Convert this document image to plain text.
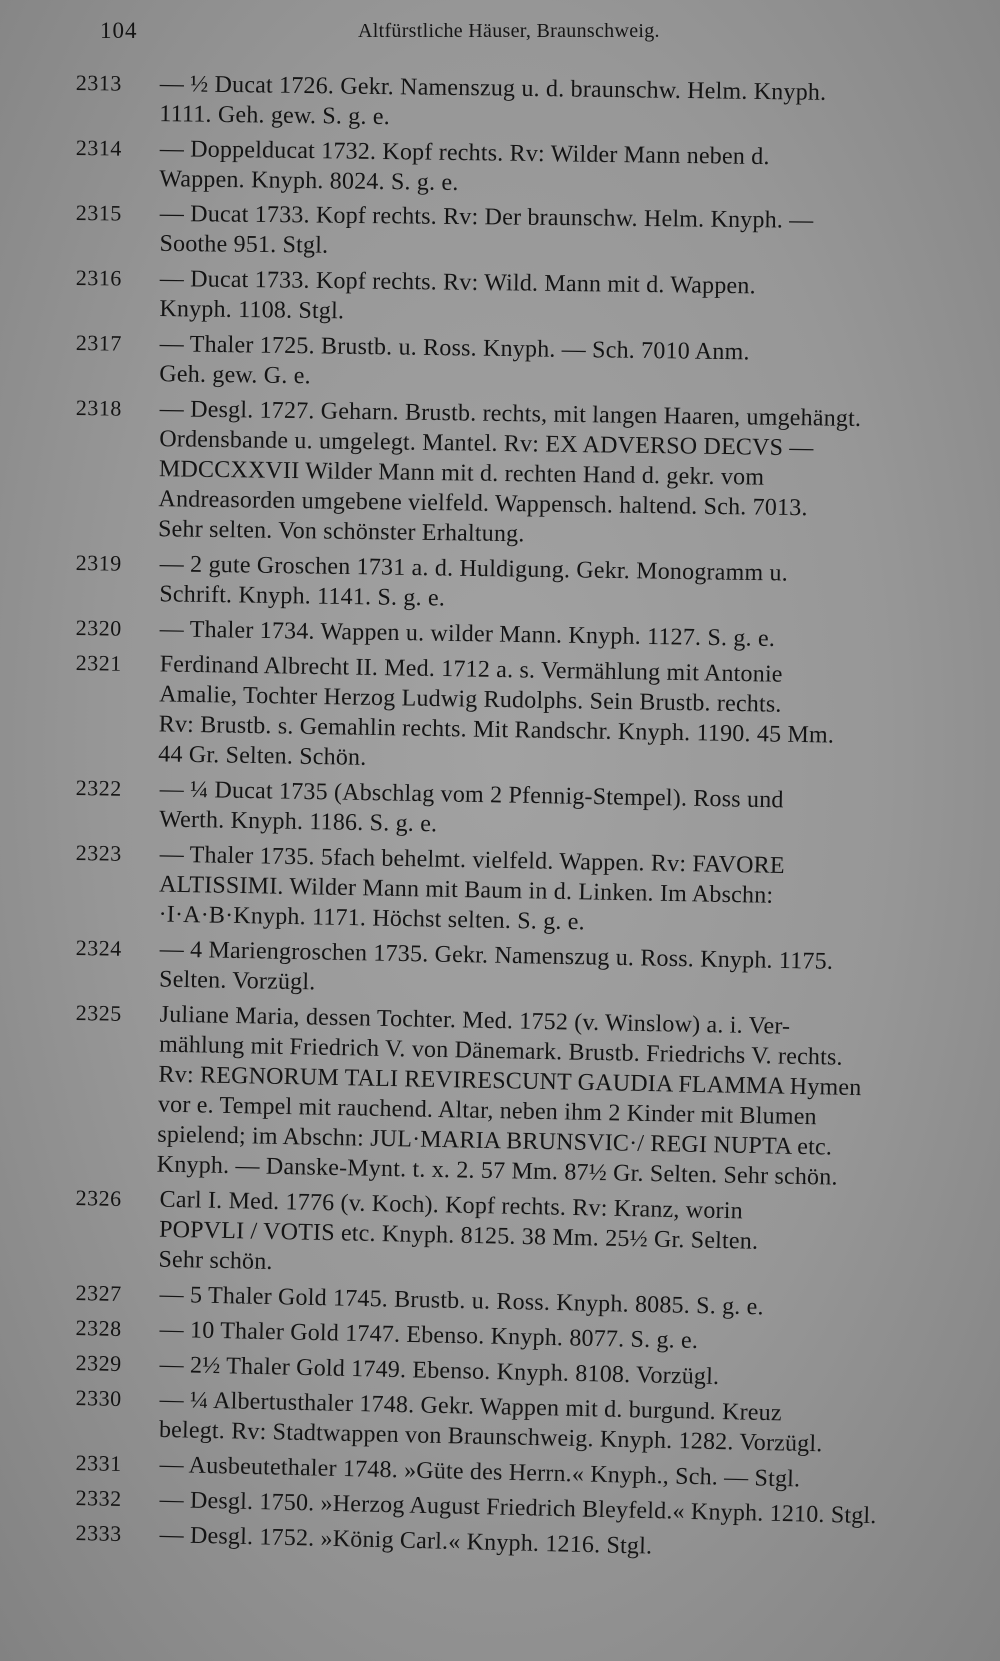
104	Altfürstliche Häuser, Braunschweig.
2313 — ½ Ducat 1726. Gekr. Namenszug u. d. braunschw. Helm. Knyph.
1111. Geh. gew. S. g. e.
2314 — Doppelducat 1732. Kopf rechts. Rv: Wilder Mann neben d.
Wappen. Knyph. 8024. S. g. e.
2315 — Ducat 1733. Kopf rechts. Rv: Der braunschw. Helm. Knyph. —
Soothe 951. Stgl.
2316 — Ducat 1733. Kopf rechts. Rv: Wild. Mann mit d. Wappen.
Knyph. 1108. Stgl.
2317 — Thaler 1725. Brustb. u. Ross. Knyph. — Sch. 7010 Anm.
Geh. gew. G. e.
2318 — Desgl. 1727. Geharn. Brustb. rechts, mit langen Haaren, umgehängt.
Ordensbande u. umgelegt. Mantel. Rv: EX ADVERSO DECVS —
MDCCXXVII Wilder Mann mit d. rechten Hand d. gekr. vom
Andreasorden umgebene vielfeld. Wappensch. haltend. Sch. 7013.
Sehr selten. Von schönster Erhaltung.
2319 — 2 gute Groschen 1731 a. d. Huldigung. Gekr. Monogramm u.
Schrift. Knyph. 1141. S. g. e.
2320 — Thaler 1734. Wappen u. wilder Mann. Knyph. 1127. S. g. e.
2321 Ferdinand Albrecht II. Med. 1712 a. s. Vermählung mit Antonie
Amalie, Tochter Herzog Ludwig Rudolphs. Sein Brustb. rechts.
Rv: Brustb. s. Gemahlin rechts. Mit Randschr. Knyph. 1190. 45 Mm.
44 Gr. Selten. Schön.
2322 — ¼ Ducat 1735 (Abschlag vom 2 Pfennig-Stempel). Ross und
Werth. Knyph. 1186. S. g. e.
2323 — Thaler 1735. 5fach behelmt. vielfeld. Wappen. Rv: FAVORE
ALTISSIMI. Wilder Mann mit Baum in d. Linken. Im Abschn:
·I·A·B·Knyph. 1171. Höchst selten. S. g. e.
2324 — 4 Mariengroschen 1735. Gekr. Namenszug u. Ross. Knyph. 1175.
Selten. Vorzügl.
2325 Juliane Maria, dessen Tochter. Med. 1752 (v. Winslow) a. i. Ver-
mählung mit Friedrich V. von Dänemark. Brustb. Friedrichs V. rechts.
Rv: REGNORUM TALI REVIRESCUNT GAUDIA FLAMMA Hymen
vor e. Tempel mit rauchend. Altar, neben ihm 2 Kinder mit Blumen
spielend; im Abschn: JUL·MARIA BRUNSVIC·/ REGI NUPTA etc.
Knyph. — Danske-Mynt. t. x. 2. 57 Mm. 87½ Gr. Selten. Sehr schön.
2326 Carl I. Med. 1776 (v. Koch). Kopf rechts. Rv: Kranz, worin
POPVLI / VOTIS etc. Knyph. 8125. 38 Mm. 25½ Gr. Selten.
Sehr schön.
2327 — 5 Thaler Gold 1745. Brustb. u. Ross. Knyph. 8085. S. g. e.
2328 — 10 Thaler Gold 1747. Ebenso. Knyph. 8077. S. g. e.
2329 — 2½ Thaler Gold 1749. Ebenso. Knyph. 8108. Vorzügl.
2330 — ¼ Albertusthaler 1748. Gekr. Wappen mit d. burgund. Kreuz
belegt. Rv: Stadtwappen von Braunschweig. Knyph. 1282. Vorzügl.
2331 — Ausbeutethaler 1748. »Güte des Herrn.« Knyph., Sch. — Stgl.
2332 — Desgl. 1750. »Herzog August Friedrich Bleyfeld.« Knyph. 1210. Stgl.
2333 — Desgl. 1752. »König Carl.« Knyph. 1216. Stgl.
